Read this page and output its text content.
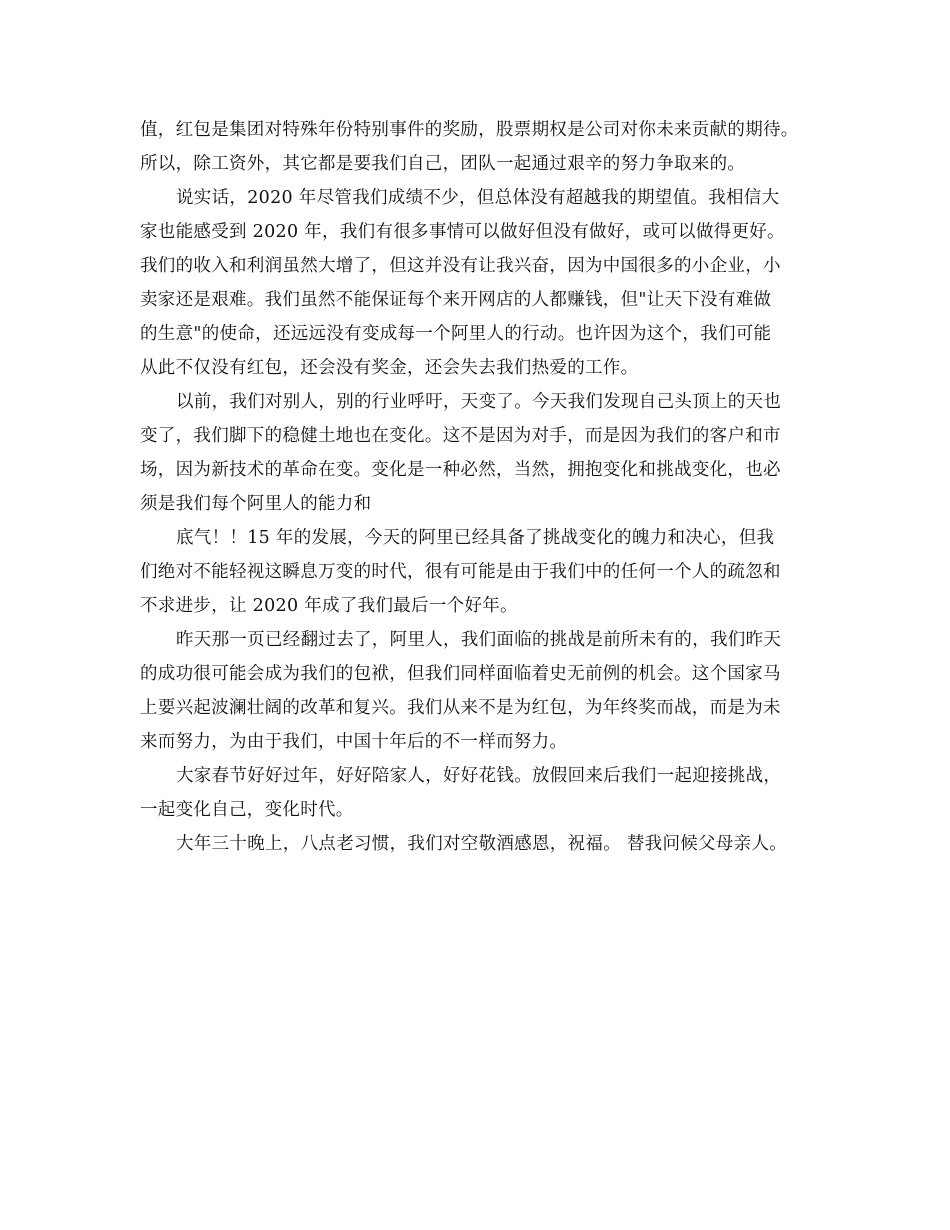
值，红包是集团对特殊年份特别事件的奖励，股票期权是公司对你未来贡献的期待。
所以，除工资外，其它都是要我们自己，团队一起通过艰辛的努力争取来的。
说实话，2020 年尽管我们成绩不少，但总体没有超越我的期望值。我相信大
家也能感受到 2020 年，我们有很多事情可以做好但没有做好，或可以做得更好。
我们的收入和利润虽然大增了，但这并没有让我兴奋，因为中国很多的小企业，小
卖家还是艰难。我们虽然不能保证每个来开网店的人都赚钱，但"让天下没有难做
的生意"的使命，还远远没有变成每一个阿里人的行动。也许因为这个，我们可能
从此不仅没有红包，还会没有奖金，还会失去我们热爱的工作。
以前，我们对别人，别的行业呼吁，天变了。今天我们发现自己头顶上的天也
变了，我们脚下的稳健土地也在变化。这不是因为对手，而是因为我们的客户和市
场，因为新技术的革命在变。变化是一种必然，当然，拥抱变化和挑战变化，也必
须是我们每个阿里人的能力和
底气！！15 年的发展，今天的阿里已经具备了挑战变化的魄力和决心，但我
们绝对不能轻视这瞬息万变的时代，很有可能是由于我们中的任何一个人的疏忽和
不求进步，让 2020 年成了我们最后一个好年。
昨天那一页已经翻过去了，阿里人，我们面临的挑战是前所未有的，我们昨天
的成功很可能会成为我们的包袱，但我们同样面临着史无前例的机会。这个国家马
上要兴起波澜壮阔的改革和复兴。我们从来不是为红包，为年终奖而战，而是为未
来而努力，为由于我们，中国十年后的不一样而努力。
大家春节好好过年，好好陪家人，好好花钱。放假回来后我们一起迎接挑战，
一起变化自己，变化时代。
大年三十晚上，八点老习惯，我们对空敬酒感恩，祝福。 替我问候父母亲人。
